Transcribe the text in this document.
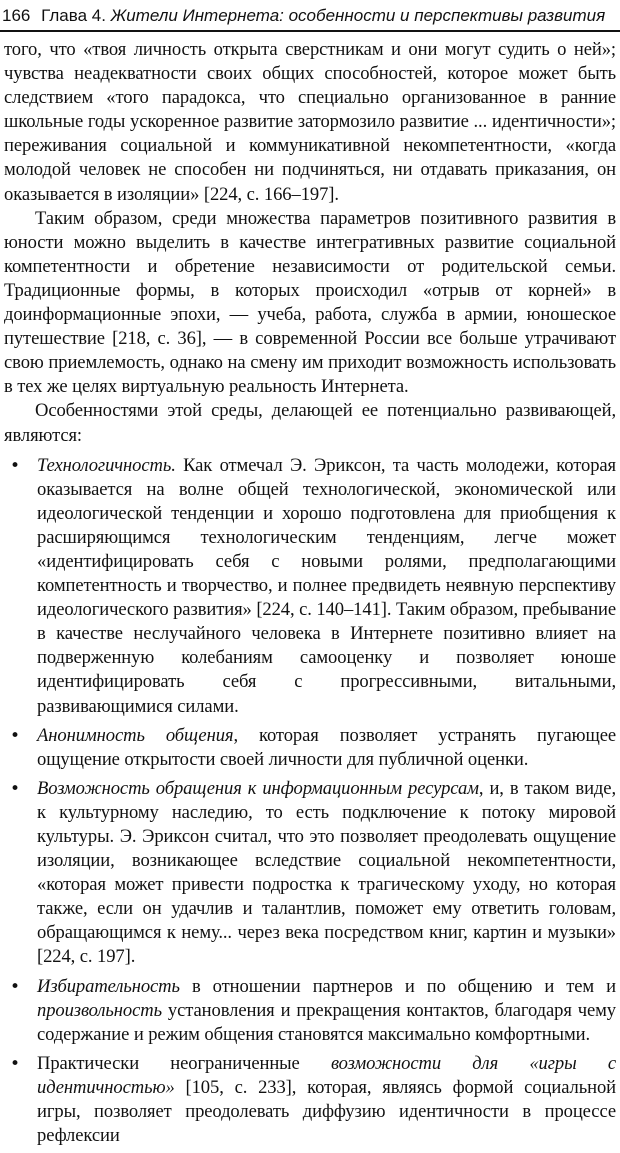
166 Глава 4. Жители Интернета: особенности и перспективы развития

того, что «твоя личность открыта сверстникам и они могут судить о ней»; чувства неадекватности своих общих способностей, которое может быть следствием «того парадокса, что специально организованное в ранние школьные годы ускоренное развитие затормозило развитие ... идентичности»; переживания социальной и коммуникативной некомпетентности, «когда молодой человек не способен ни подчиняться, ни отдавать приказания, он оказывается в изоляции» [224, с. 166–197].

Таким образом, среди множества параметров позитивного развития в юности можно выделить в качестве интегративных развитие социальной компетентности и обретение независимости от родительской семьи. Традиционные формы, в которых происходил «отрыв от корней» в доинформационные эпохи, — учеба, работа, служба в армии, юношеское путешествие [218, с. 36], — в современной России все больше утрачивают свою приемлемость, однако на смену им приходит возможность использовать в тех же целях виртуальную реальность Интернета.

Особенностями этой среды, делающей ее потенциально развивающей, являются:

• Технологичность. Как отмечал Э. Эриксон, та часть молодежи, которая оказывается на волне общей технологической, экономической или идеологической тенденции и хорошо подготовлена для приобщения к расширяющимся технологическим тенденциям, легче может «идентифицировать себя с новыми ролями, предполагающими компетентность и творчество, и полнее предвидеть неявную перспективу идеологического развития» [224, с. 140–141]. Таким образом, пребывание в качестве неслучайного человека в Интернете позитивно влияет на подверженную колебаниям самооценку и позволяет юноше идентифицировать себя с прогрессивными, витальными, развивающимися силами.
• Анонимность общения, которая позволяет устранять пугающее ощущение открытости своей личности для публичной оценки.
• Возможность обращения к информационным ресурсам, и, в таком виде, к культурному наследию, то есть подключение к потоку мировой культуры. Э. Эриксон считал, что это позволяет преодолевать ощущение изоляции, возникающее вследствие социальной некомпетентности, «которая может привести подростка к трагическому уходу, но которая также, если он удачлив и талантлив, поможет ему ответить головам, обращающимся к нему... через века посредством книг, картин и музыки» [224, с. 197].
• Избирательность в отношении партнеров и по общению и тем и произвольность установления и прекращения контактов, благодаря чему содержание и режим общения становятся максимально комфортными.
• Практически неограниченные возможности для «игры с идентичностью» [105, с. 233], которая, являясь формой социальной игры, позволяет преодолевать диффузию идентичности в процессе рефлексии
